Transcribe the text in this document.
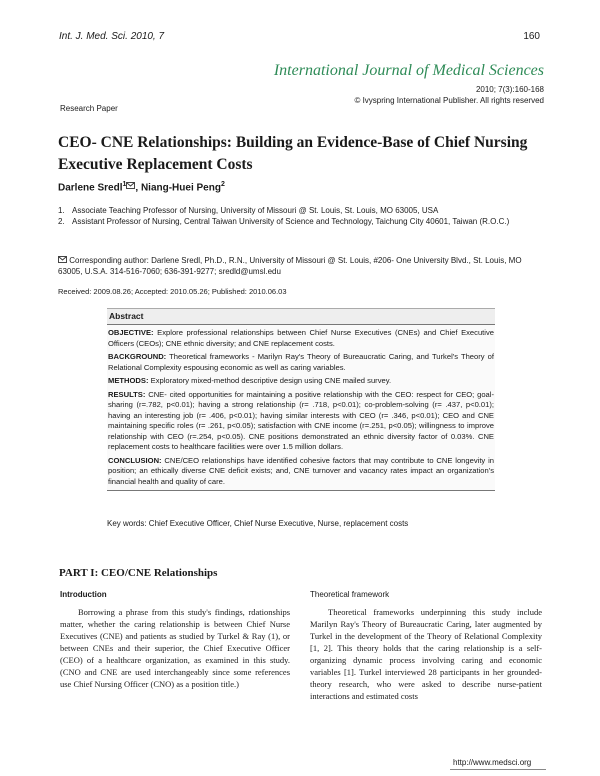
Int. J. Med. Sci. 2010, 7	160
International Journal of Medical Sciences
2010; 7(3):160-168
© Ivyspring International Publisher. All rights reserved
Research Paper
CEO- CNE Relationships: Building an Evidence-Base of Chief Nursing Executive Replacement Costs
Darlene Sredl$^1$ , Niang-Huei Peng$^2$
1. Associate Teaching Professor of Nursing, University of Missouri @ St. Louis, St. Louis, MO 63005, USA
2. Assistant Professor of Nursing, Central Taiwan University of Science and Technology, Taichung City 40601, Taiwan (R.O.C.)
Corresponding author: Darlene Sredl, Ph.D., R.N., University of Missouri @ St. Louis, #206- One University Blvd., St. Louis, MO 63005, U.S.A. 314-516-7060; 636-391-9277; sredld@umsl.edu
Received: 2009.08.26; Accepted: 2010.05.26; Published: 2010.06.03
Abstract

OBJECTIVE: Explore professional relationships between Chief Nurse Executives (CNEs) and Chief Executive Officers (CEOs); CNE ethnic diversity; and CNE replacement costs.

BACKGROUND: Theoretical frameworks - Marilyn Ray's Theory of Bureaucratic Caring, and Turkel's Theory of Relational Complexity espousing economic as well as caring variables.

METHODS: Exploratory mixed-method descriptive design using CNE mailed survey.

RESULTS: CNE- cited opportunities for maintaining a positive relationship with the CEO: respect for CEO; goal- sharing (r=.782, p<0.01); having a strong relationship (r= .718, p<0.01); co-problem-solving (r= .437, p<0.01); having an interesting job (r= .406, p<0.01); having similar interests with CEO (r= .346, p<0.01); CEO and CNE maintaining specific roles (r= .261, p<0.05); satisfaction with CNE income (r=.251, p<0.05); willingness to improve relationship with CEO (r=.254, p<0.05). CNE positions demonstrated an ethnic diversity factor of 0.03%. CNE replacement costs to healthcare facilities were over 1.5 million dollars.

CONCLUSION: CNE/CEO relationships have identified cohesive factors that may contribute to CNE longevity in position; an ethically diverse CNE deficit exists; and, CNE turnover and vacancy rates impact an organization's financial health and quality of care.

Key words: Chief Executive Officer, Chief Nurse Executive, Nurse, replacement costs
PART I: CEO/CNE Relationships
Introduction	Theoretical framework
Borrowing a phrase from this study's findings, rdationships matter, whether the caring relationship is between Chief Nurse Executives (CNE) and patients as studied by Turkel & Ray (1), or between CNEs and their superior, the Chief Executive Officer (CEO) of a healthcare organization, as examined in this study. (CNO and CNE are used interchangeably since some references use Chief Nursing Officer (CNO) as a position title.)
Theoretical frameworks underpinning this study include Marilyn Ray's Theory of Bureaucratic Caring, later augmented by Turkel in the development of the Theory of Relational Complexity [1, 2]. This theory holds that the caring relationship is a self-organizing dynamic process involving caring and economic variables [1]. Turkel interviewed 28 participants in her grounded-theory research, who were asked to describe nurse-patient interactions and estimated costs
http://www.medsci.org
